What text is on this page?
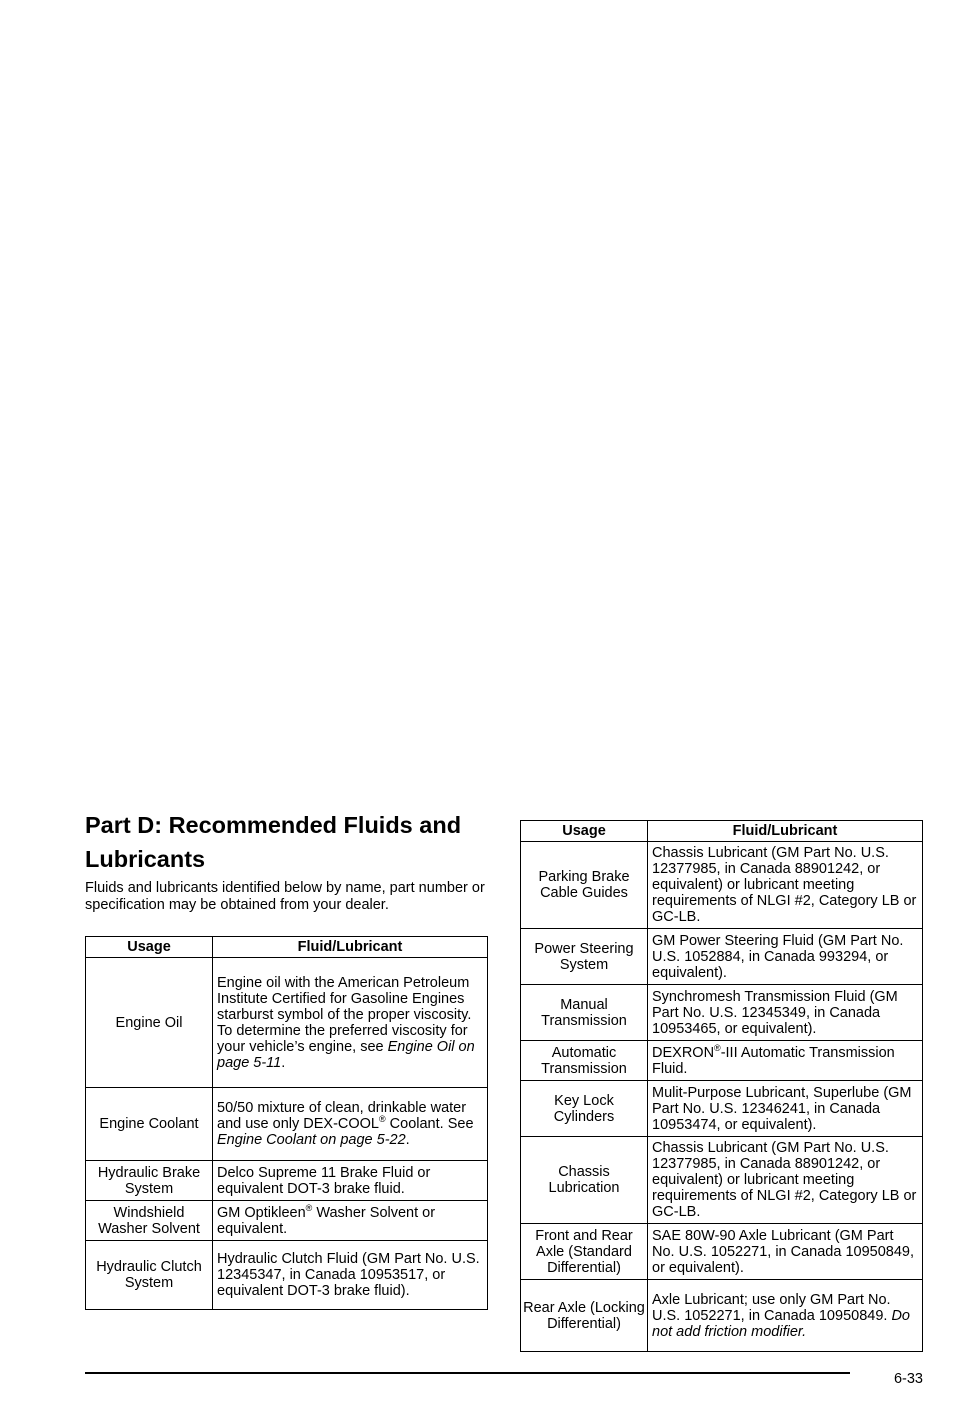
Part D: Recommended Fluids and
Lubricants

Fluids and lubricants identified below by name, part number or specification may be obtained from your dealer.

Usage	Fluid/Lubricant
Engine Oil	Engine oil with the American Petroleum Institute Certified for Gasoline Engines starburst symbol of the proper viscosity. To determine the preferred viscosity for your vehicle’s engine, see Engine Oil on page 5-11.
Engine Coolant	50/50 mixture of clean, drinkable water and use only DEX-COOL® Coolant. See Engine Coolant on page 5-22.
Hydraulic Brake System	Delco Supreme 11 Brake Fluid or equivalent DOT-3 brake fluid.
Windshield Washer Solvent	GM Optikleen® Washer Solvent or equivalent.
Hydraulic Clutch System	Hydraulic Clutch Fluid (GM Part No. U.S. 12345347, in Canada 10953517, or equivalent DOT-3 brake fluid).
Usage	Fluid/Lubricant
Parking Brake Cable Guides	Chassis Lubricant (GM Part No. U.S. 12377985, in Canada 88901242, or equivalent) or lubricant meeting requirements of NLGI #2, Category LB or GC-LB.
Power Steering System	GM Power Steering Fluid (GM Part No. U.S. 1052884, in Canada 993294, or equivalent).
Manual Transmission	Synchromesh Transmission Fluid (GM Part No. U.S. 12345349, in Canada 10953465, or equivalent).
Automatic Transmission	DEXRON®-III Automatic Transmission Fluid.
Key Lock Cylinders	Mulit-Purpose Lubricant, Superlube (GM Part No. U.S. 12346241, in Canada 10953474, or equivalent).
Chassis Lubrication	Chassis Lubricant (GM Part No. U.S. 12377985, in Canada 88901242, or equivalent) or lubricant meeting requirements of NLGI #2, Category LB or GC-LB.
Front and Rear Axle (Standard Differential)	SAE 80W-90 Axle Lubricant (GM Part No. U.S. 1052271, in Canada 10950849, or equivalent).
Rear Axle (Locking Differential)	Axle Lubricant; use only GM Part No. U.S. 1052271, in Canada 10950849. Do not add friction modifier.
6-33
